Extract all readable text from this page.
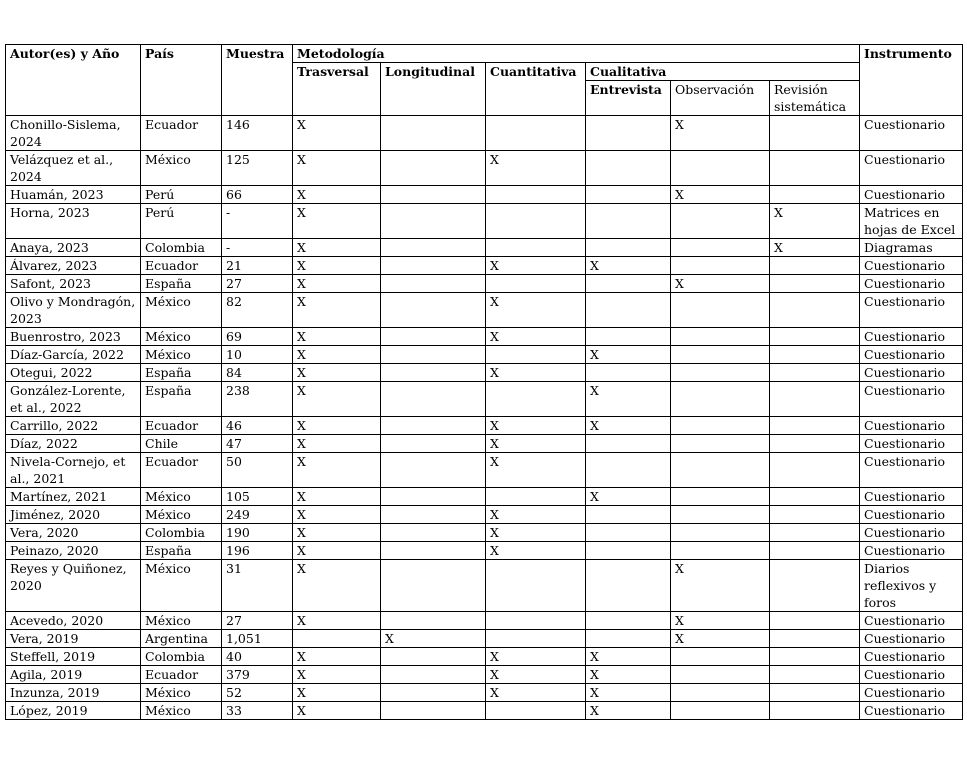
Autor(es) y Año	País	Muestra	Metodología						Instrumento
			Trasversal	Longitudinal	Cuantitativa	Cualitativa			
						Entrevista	Observación	Revisión sistemática	
Chonillo-Sislema, 2024	Ecuador	146	X				X		Cuestionario
Velázquez et al., 2024	México	125	X		X				Cuestionario
Huamán, 2023	Perú	66	X				X		Cuestionario
Horna, 2023	Perú	-	X					X	Matrices en hojas de Excel
Anaya, 2023	Colombia	-	X					X	Diagramas
Álvarez, 2023	Ecuador	21	X		X	X			Cuestionario
Safont, 2023	España	27	X				X		Cuestionario
Olivo y Mondragón, 2023	México	82	X		X				Cuestionario
Buenrostro, 2023	México	69	X		X				Cuestionario
Díaz-García, 2022	México	10	X			X			Cuestionario
Otegui, 2022	España	84	X		X				Cuestionario
González-Lorente, et al., 2022	España	238	X			X			Cuestionario
Carrillo, 2022	Ecuador	46	X		X	X			Cuestionario
Díaz, 2022	Chile	47	X		X				Cuestionario
Nivela-Cornejo, et al., 2021	Ecuador	50	X		X				Cuestionario
Martínez, 2021	México	105	X			X			Cuestionario
Jiménez, 2020	México	249	X		X				Cuestionario
Vera, 2020	Colombia	190	X		X				Cuestionario
Peinazo, 2020	España	196	X		X				Cuestionario
Reyes y Quiñonez, 2020	México	31	X				X		Diarios reflexivos y foros
Acevedo, 2020	México	27	X				X		Cuestionario
Vera, 2019	Argentina	1,051		X			X		Cuestionario
Steffell, 2019	Colombia	40	X		X	X			Cuestionario
Agila, 2019	Ecuador	379	X		X	X			Cuestionario
Inzunza, 2019	México	52	X		X	X			Cuestionario
López, 2019	México	33	X			X			Cuestionario
